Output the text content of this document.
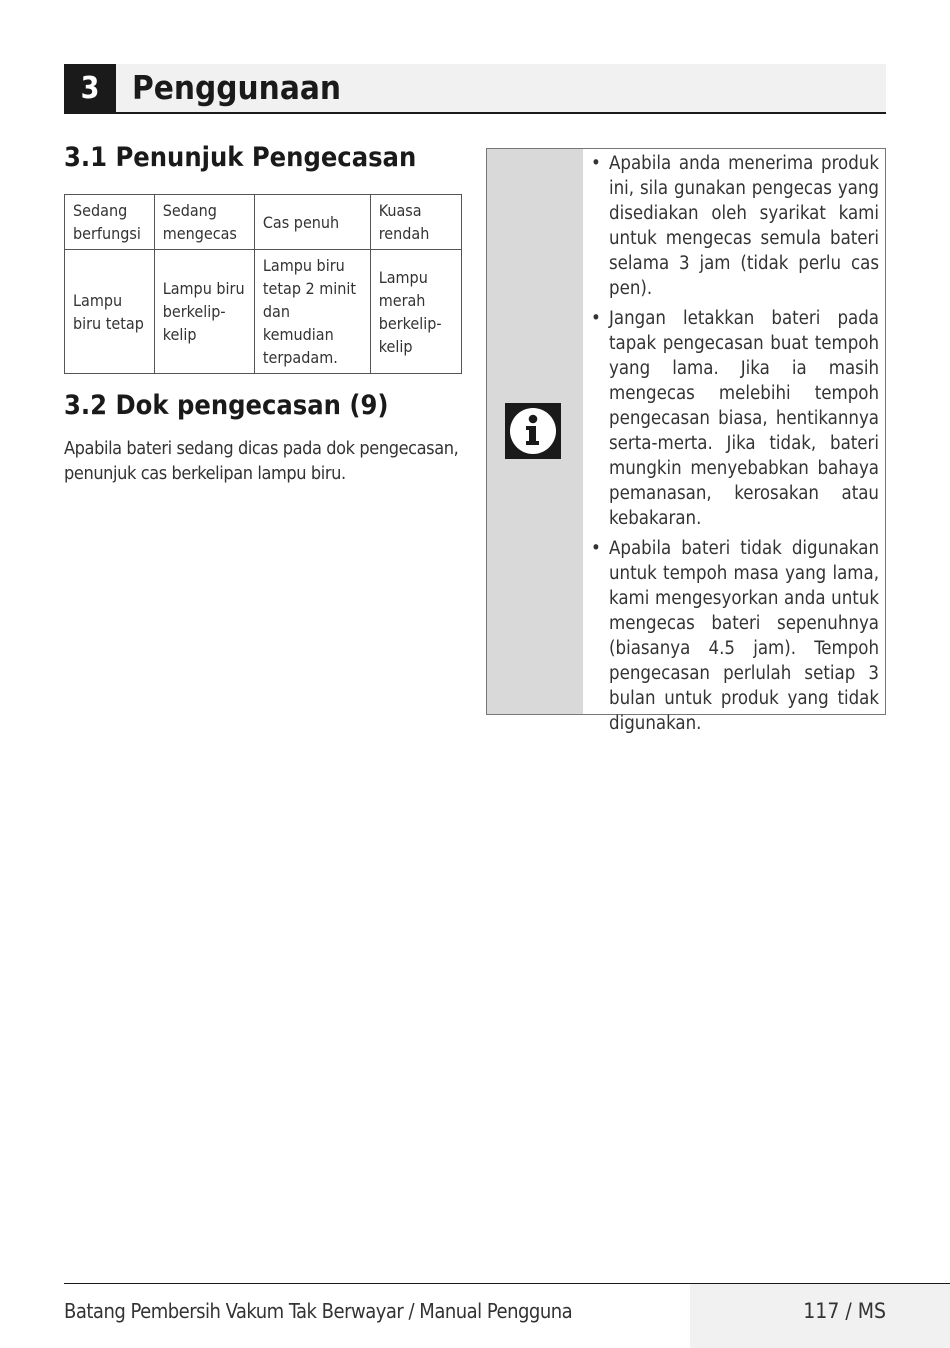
3 Penggunaan
3.1 Penunjuk Pengecasan
Sedang berfungsi	Sedang mengecas	Cas penuh	Kuasa rendah
Lampu biru tetap	Lampu biru berkelip-kelip	Lampu biru tetap 2 minit dan kemudian terpadam.	Lampu merah berkelip-kelip
3.2 Dok pengecasan (9)
Apabila bateri sedang dicas pada dok pengecasan, penunjuk cas berkelipan lampu biru.
• Apabila anda menerima produk ini, sila gunakan pengecas yang disediakan oleh syarikat kami untuk mengecas semula bateri selama 3 jam (tidak perlu cas pen).
• Jangan letakkan bateri pada tapak pengecasan buat tempoh yang lama. Jika ia masih mengecas melebihi tempoh pengecasan biasa, hentikannya serta-merta. Jika tidak, bateri mungkin menyebabkan bahaya pemanasan, kerosakan atau kebakaran.
• Apabila bateri tidak digunakan untuk tempoh masa yang lama, kami mengesyorkan anda untuk mengecas bateri sepenuhnya (biasanya 4.5 jam). Tempoh pengecasan perlulah setiap 3 bulan untuk produk yang tidak digunakan.
Batang Pembersih Vakum Tak Berwayar / Manual Pengguna	117 / MS
